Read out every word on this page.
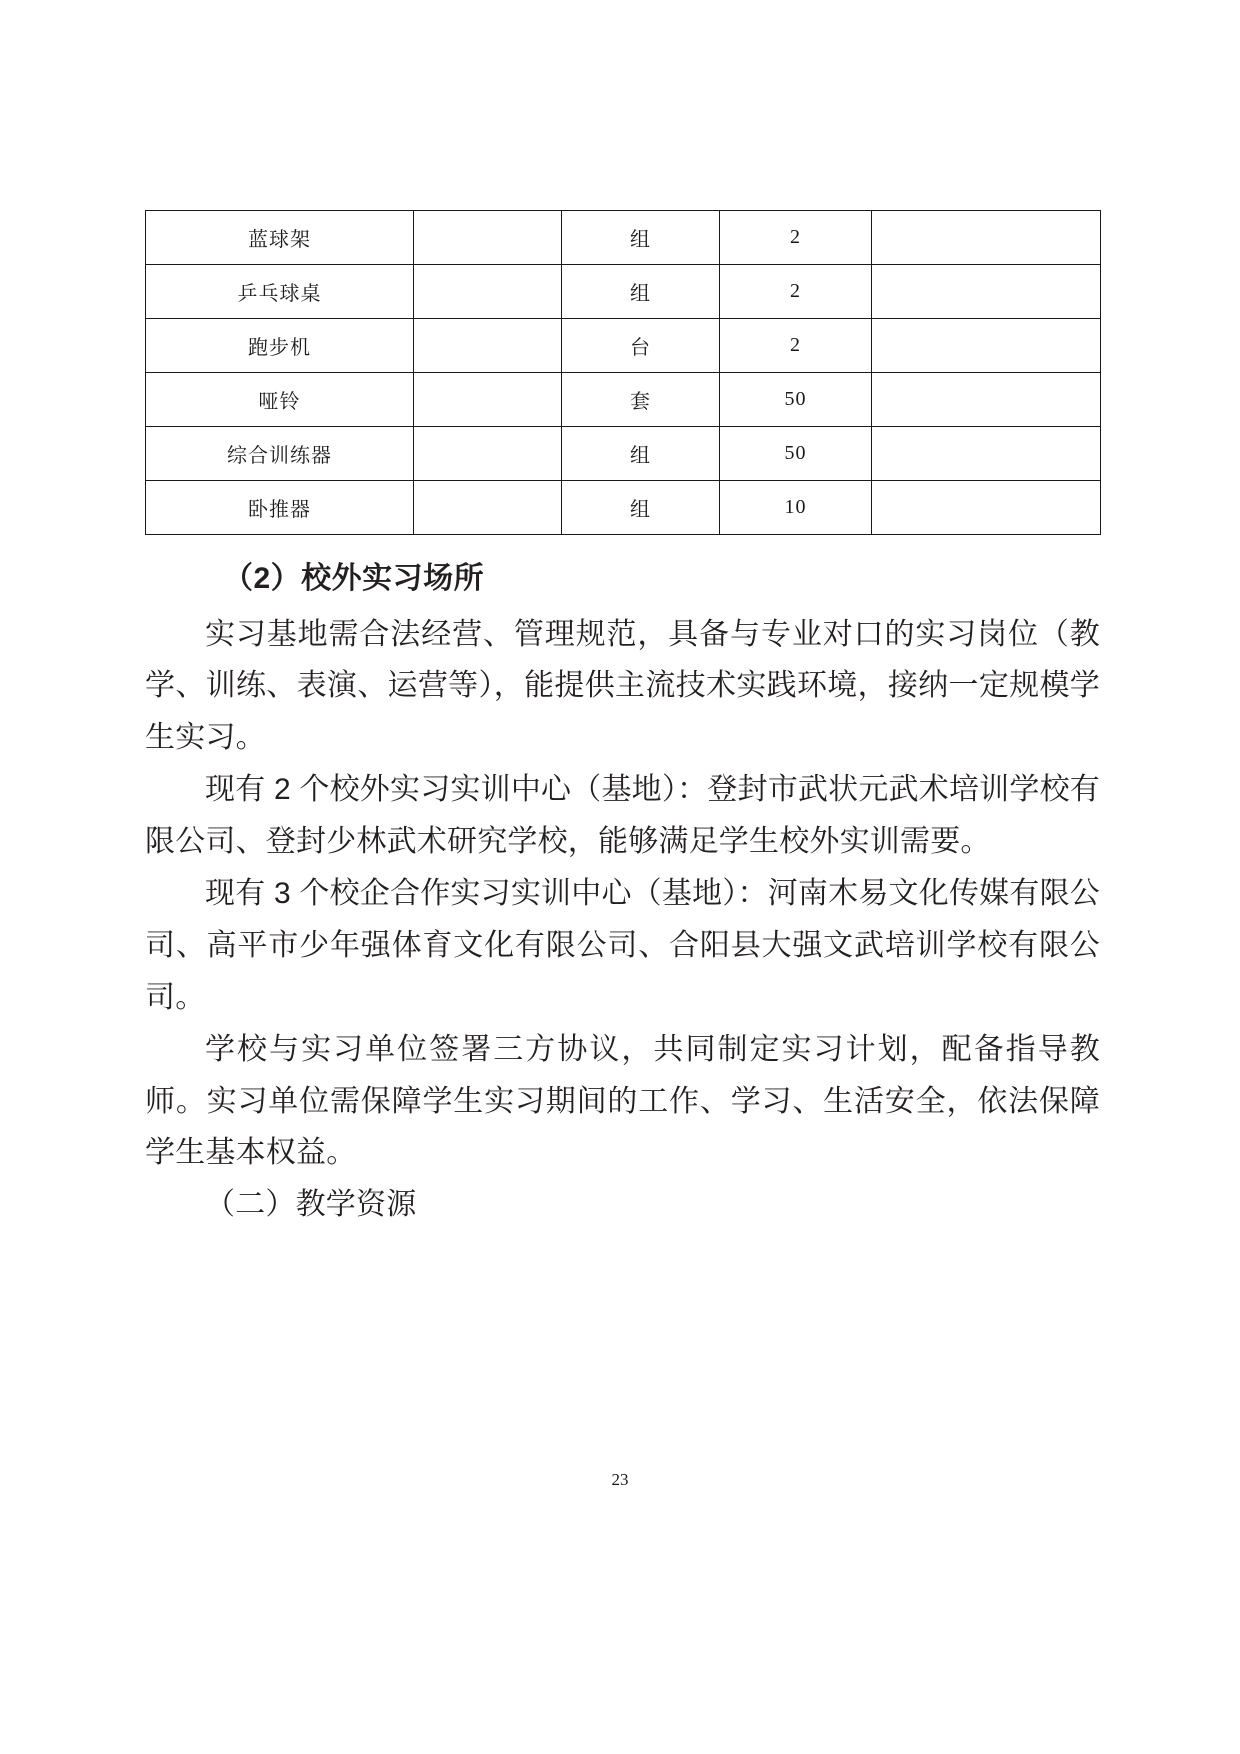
蓝球架		组	2	
乒乓球桌		组	2	
跑步机		台	2	
哑铃		套	50	
综合训练器		组	50	
卧推器		组	10	
（2）校外实习场所

实习基地需合法经营、管理规范，具备与专业对口的实习岗位（教学、训练、表演、运营等），能提供主流技术实践环境，接纳一定规模学生实习。

现有 2 个校外实习实训中心（基地）：登封市武状元武术培训学校有限公司、登封少林武术研究学校，能够满足学生校外实训需要。

现有 3 个校企合作实习实训中心（基地）：河南木易文化传媒有限公司、高平市少年强体育文化有限公司、合阳县大强文武培训学校有限公司。

学校与实习单位签署三方协议，共同制定实习计划，配备指导教师。实习单位需保障学生实习期间的工作、学习、生活安全，依法保障学生基本权益。

（二）教学资源

23
